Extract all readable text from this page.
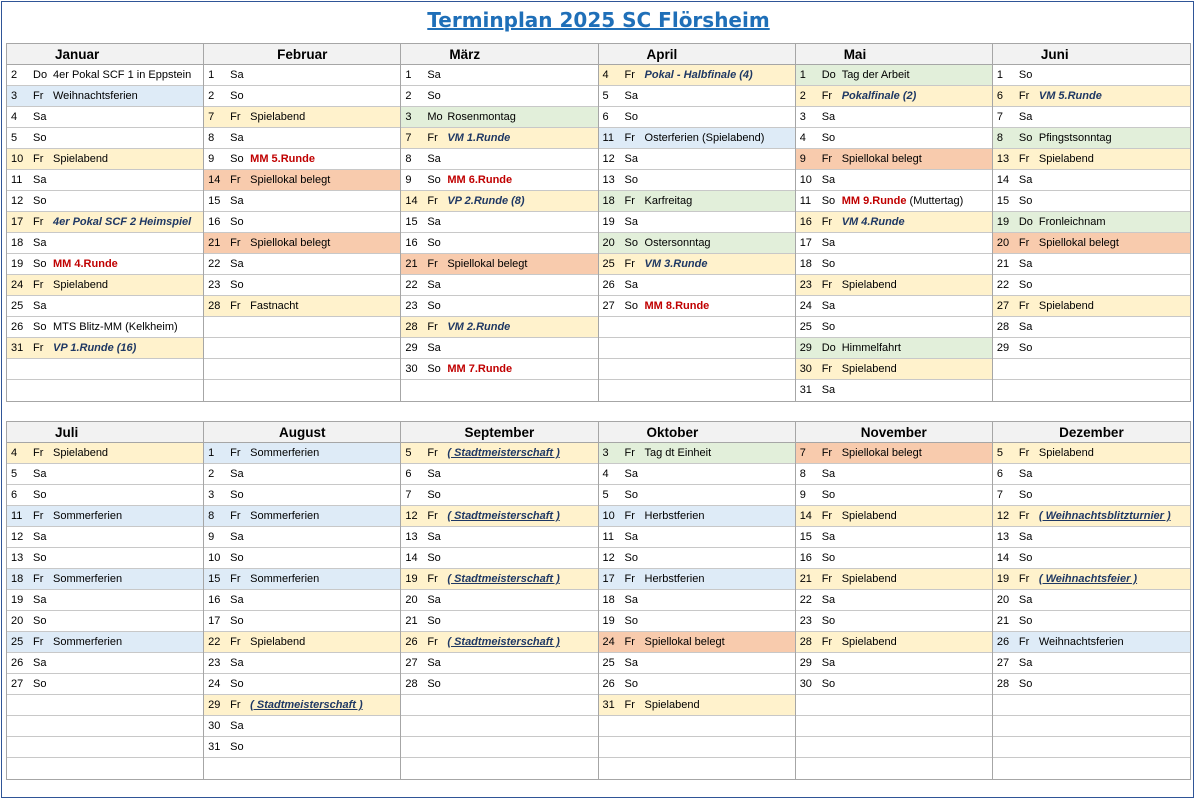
Terminplan 2025 SC Flörsheim
Januar
2	Do 4er Pokal SCF 1 in Eppstein
3	Fr Weihnachtsferien
4	Sa
5	So
10 Fr Spielabend
11 Sa
12 So
17 Fr 4er Pokal SCF 2 Heimspiel
18 Sa
19 So MM 4.Runde
24 Fr Spielabend
25 Sa
26 So MTS Blitz-MM (Kelkheim)
31 Fr VP 1.Runde (16)
Februar
1	Sa
2	So
7	Fr Spielabend
8	Sa
9	So MM 5.Runde
14 Fr Spiellokal belegt
15 Sa
16 So
21 Fr Spiellokal belegt
22 Sa
23 So
28 Fr Fastnacht
März
1	Sa
2	So
3	Mo Rosenmontag
7	Fr VM 1.Runde
8	Sa
9	So MM 6.Runde
14 Fr VP 2.Runde (8)
15 Sa
16 So
21 Fr Spiellokal belegt
22 Sa
23 So
28 Fr VM 2.Runde
29 Sa
30 So MM 7.Runde
April
4	Fr Pokal - Halbfinale (4)
5	Sa
6	So
11 Fr Osterferien (Spielabend)
12 Sa
13 So
18 Fr Karfreitag
19 Sa
20 So Ostersonntag
25 Fr VM 3.Runde
26 Sa
27 So MM 8.Runde
Mai
1	Do Tag der Arbeit
2	Fr Pokalfinale (2)
3	Sa
4	So
9	Fr Spiellokal belegt
10 Sa
11 So MM 9.Runde (Muttertag)
16 Fr VM 4.Runde
17 Sa
18 So
23 Fr Spielabend
24 Sa
25 So
29 Do Himmelfahrt
30 Fr Spielabend
31 Sa
Juni
1	So
6	Fr VM 5.Runde
7	Sa
8	So Pfingstsonntag
13 Fr Spielabend
14 Sa
15 So
19 Do Fronleichnam
20 Fr Spiellokal belegt
21 Sa
22 So
27 Fr Spielabend
28 Sa
29 So
Juli
4	Fr Spielabend
5	Sa
6	So
11 Fr Sommerferien
12 Sa
13 So
18 Fr Sommerferien
19 Sa
20 So
25 Fr Sommerferien
26 Sa
27 So
August
1	Fr Sommerferien
2	Sa
3	So
8	Fr Sommerferien
9	Sa
10 So
15 Fr Sommerferien
16 Sa
17 So
22 Fr Spielabend
23 Sa
24 So
29 Fr ( Stadtmeisterschaft )
30 Sa
31 So
September
5	Fr ( Stadtmeisterschaft )
6	Sa
7	So
12 Fr ( Stadtmeisterschaft )
13 Sa
14 So
19 Fr ( Stadtmeisterschaft )
20 Sa
21 So
26 Fr ( Stadtmeisterschaft )
27 Sa
28 So
Oktober
3	Fr Tag dt Einheit
4	Sa
5	So
10 Fr Herbstferien
11 Sa
12 So
17 Fr Herbstferien
18 Sa
19 So
24 Fr Spiellokal belegt
25 Sa
26 So
31 Fr Spielabend
November
7	Fr Spiellokal belegt
8	Sa
9	So
14 Fr Spielabend
15 Sa
16 So
21 Fr Spielabend
22 Sa
23 So
28 Fr Spielabend
29 Sa
30 So
Dezember
5	Fr Spielabend
6	Sa
7	So
12 Fr ( Weihnachtsblitzturnier )
13 Sa
14 So
19 Fr ( Weihnachtsfeier )
20 Sa
21 So
26 Fr Weihnachtsferien
27 Sa
28 So
